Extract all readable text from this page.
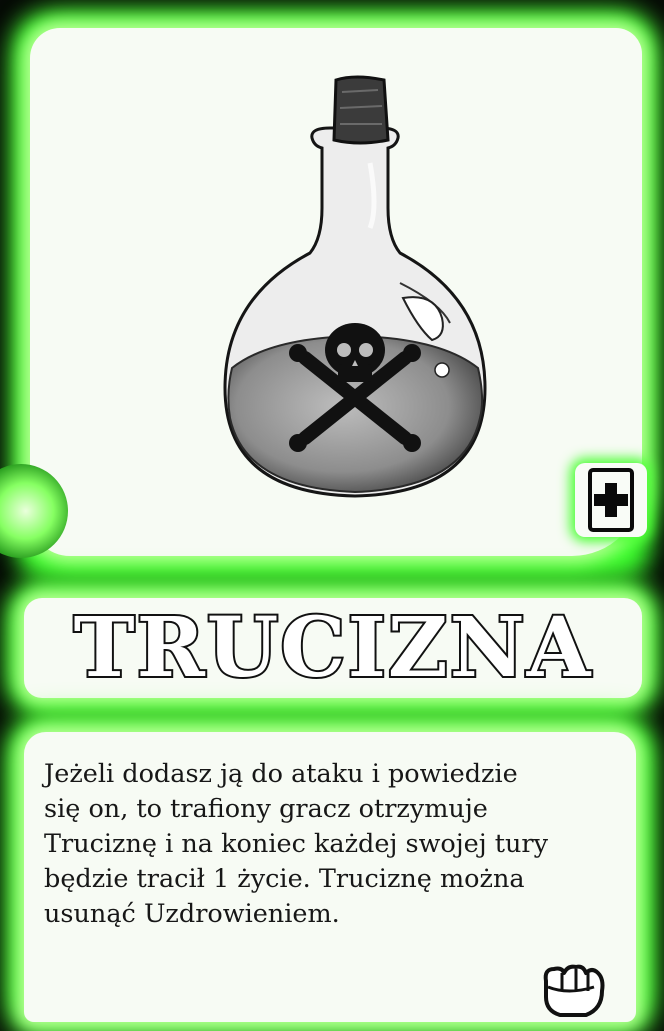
TRUCIZNA

Jeżeli dodasz ją do ataku i powiedzie

się on, to trafiony gracz otrzymuje

Truciznę i na koniec każdej swojej tury

będzie tracił 1 życie. Truciznę można

usunąć Uzdrowieniem.
